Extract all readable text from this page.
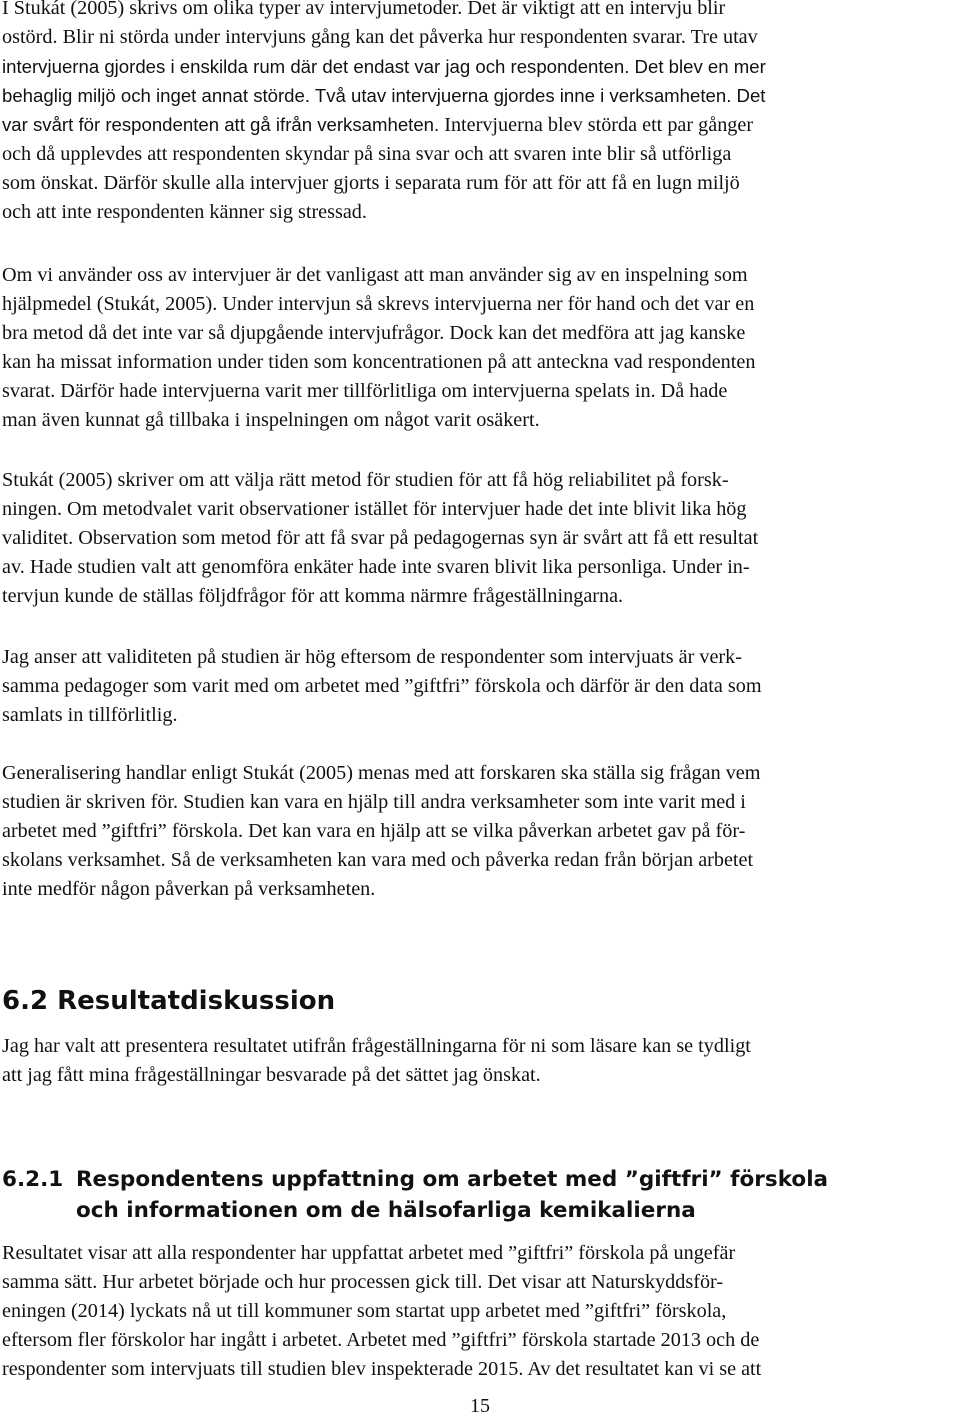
I Stukát (2005) skrivs om olika typer av intervjumetoder. Det är viktigt att en intervju blir
ostörd. Blir ni störda under intervjuns gång kan det påverka hur respondenten svarar. Tre utav
intervjuerna gjordes i enskilda rum där det endast var jag och respondenten. Det blev en mer
behaglig miljö och inget annat störde. Två utav intervjuerna gjordes inne i verksamheten. Det
var svårt för respondenten att gå ifrån verksamheten. Intervjuerna blev störda ett par gånger
och då upplevdes att respondenten skyndar på sina svar och att svaren inte blir så utförliga
som önskat. Därför skulle alla intervjuer gjorts i separata rum för att för att få en lugn miljö
och att inte respondenten känner sig stressad.
Om vi använder oss av intervjuer är det vanligast att man använder sig av en inspelning som
hjälpmedel (Stukát, 2005). Under intervjun så skrevs intervjuerna ner för hand och det var en
bra metod då det inte var så djupgående intervjufrågor. Dock kan det medföra att jag kanske
kan ha missat information under tiden som koncentrationen på att anteckna vad respondenten
svarat. Därför hade intervjuerna varit mer tillförlitliga om intervjuerna spelats in. Då hade
man även kunnat gå tillbaka i inspelningen om något varit osäkert.
Stukát (2005) skriver om att välja rätt metod för studien för att få hög reliabilitet på forsk-
ningen. Om metodvalet varit observationer istället för intervjuer hade det inte blivit lika hög
validitet. Observation som metod för att få svar på pedagogernas syn är svårt att få ett resultat
av. Hade studien valt att genomföra enkäter hade inte svaren blivit lika personliga. Under in-
tervjun kunde de ställas följdfrågor för att komma närmre frågeställningarna.
Jag anser att validiteten på studien är hög eftersom de respondenter som intervjuats är verk-
samma pedagoger som varit med om arbetet med ”giftfri” förskola och därför är den data som
samlats in tillförlitlig.
Generalisering handlar enligt Stukát (2005) menas med att forskaren ska ställa sig frågan vem
studien är skriven för. Studien kan vara en hjälp till andra verksamheter som inte varit med i
arbetet med ”giftfri” förskola. Det kan vara en hjälp att se vilka påverkan arbetet gav på för-
skolans verksamhet. Så de verksamheten kan vara med och påverka redan från början arbetet
inte medför någon påverkan på verksamheten.
6.2 Resultatdiskussion
Jag har valt att presentera resultatet utifrån frågeställningarna för ni som läsare kan se tydligt
att jag fått mina frågeställningar besvarade på det sättet jag önskat.
6.2.1 Respondentens uppfattning om arbetet med ”giftfri” förskola
och informationen om de hälsofarliga kemikalierna
Resultatet visar att alla respondenter har uppfattat arbetet med ”giftfri” förskola på ungefär
samma sätt. Hur arbetet började och hur processen gick till. Det visar att Naturskyddsför-
eningen (2014) lyckats nå ut till kommuner som startat upp arbetet med ”giftfri” förskola,
eftersom fler förskolor har ingått i arbetet. Arbetet med ”giftfri” förskola startade 2013 och de
respondenter som intervjuats till studien blev inspekterade 2015. Av det resultatet kan vi se att
15
